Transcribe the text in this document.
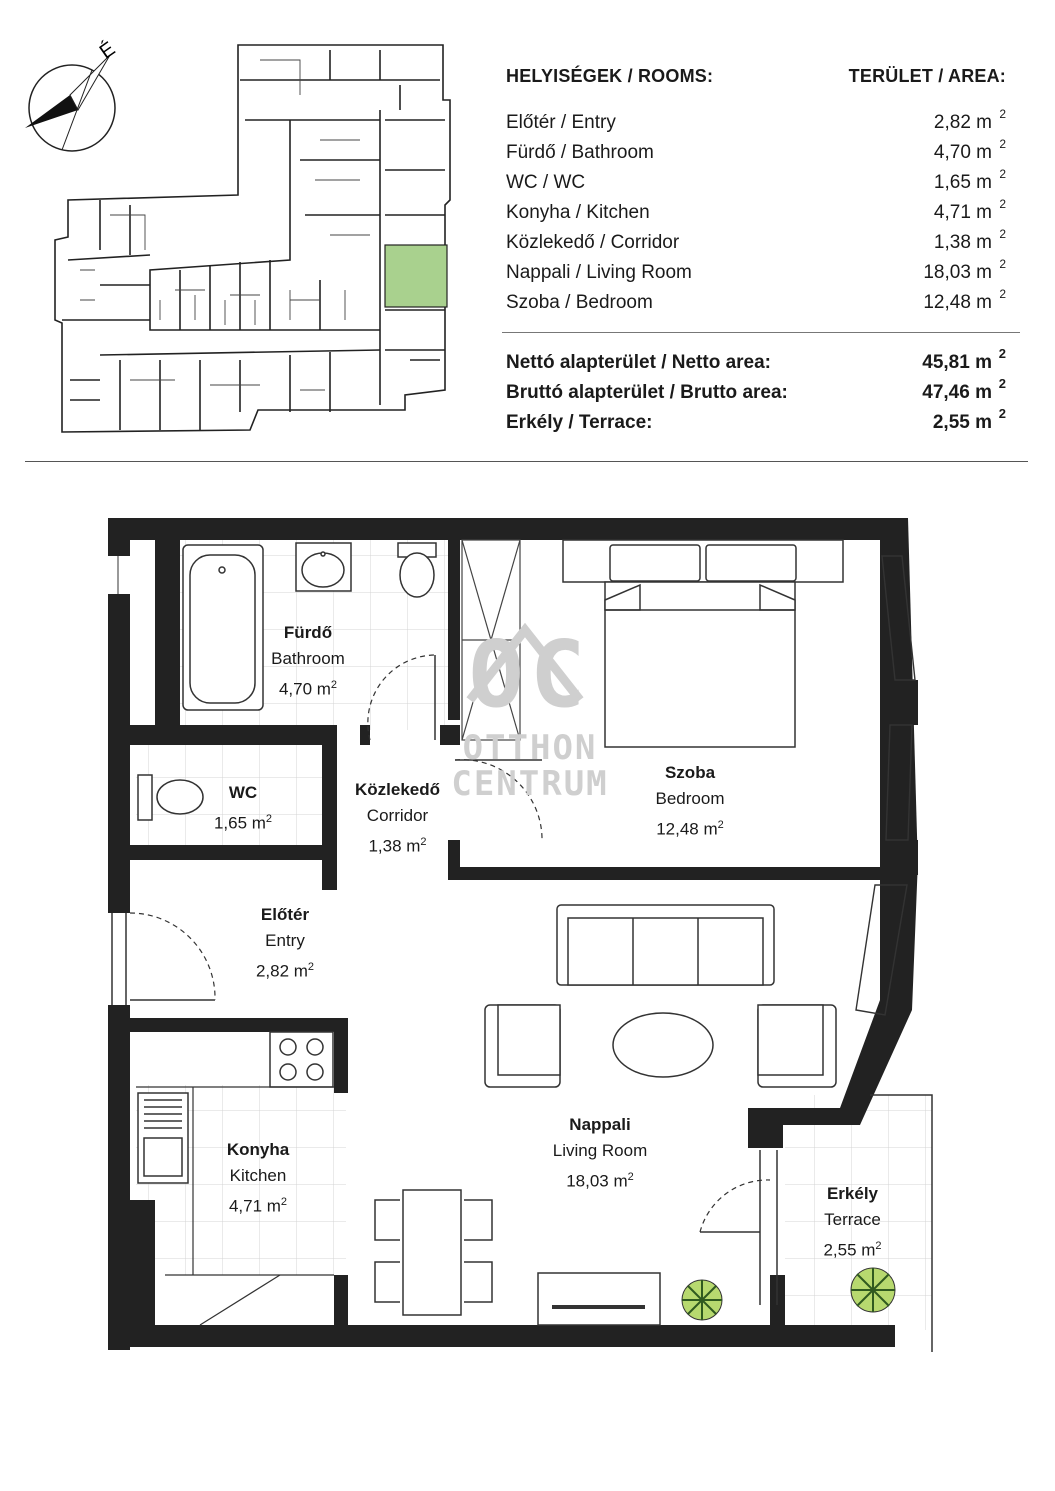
É
HELYISÉGEK / ROOMS:	TERÜLET / AREA:
Előtér / Entry	2,82 m 2
Fürdő / Bathroom	4,70 m 2
WC / WC	1,65 m 2
Konyha / Kitchen	4,71 m 2
Közlekedő / Corridor	1,38 m 2
Nappali / Living Room	18,03 m 2
Szoba / Bedroom	12,48 m 2
Nettó alapterület / Netto area:	45,81 m 2
Bruttó alapterület / Brutto area:	47,46 m 2
Erkély / Terrace:	2,55 m 2
OC
OTTHON
CENTRUM
Fürdő
Bathroom
4,70 $m^2$
WC
1,65 $m^2$
Közlekedő
Corridor
1,38 $m^2$
Szoba
Bedroom
12,48 $m^2$
Előtér
Entry
2,82 $m^2$
Konyha
Kitchen
4,71 $m^2$
Nappali
Living Room
18,03 $m^2$
Erkély
Terrace
2,55 $m^2$
